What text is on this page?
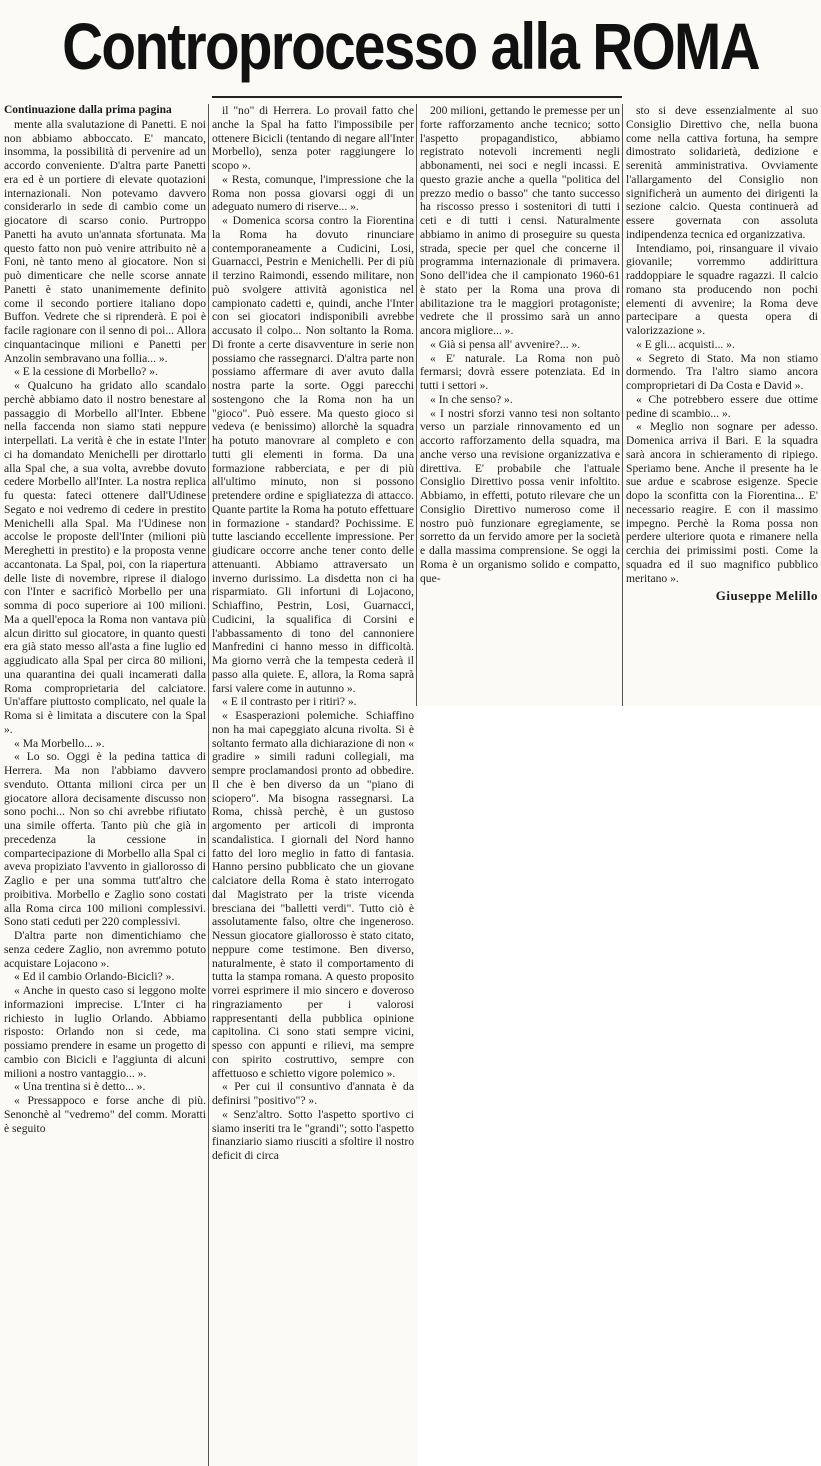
Controprocesso alla ROMA

Continuazione dalla prima pagina

mente alla svalutazione di Panetti. E noi non abbiamo abboccato. E' mancato, insomma, la possibilità di pervenire ad un accordo conveniente. D'altra parte Panetti era ed è un portiere di elevate quotazioni internazionali. Non potevamo davvero considerarlo in sede di cambio come un giocatore di scarso conio. Purtroppo Panetti ha avuto un'annata sfortunata. Ma questo fatto non può venire attribuito nè a Foni, nè tanto meno al giocatore. Non si può dimenticare che nelle scorse annate Panetti è stato unanimemente definito come il secondo portiere italiano dopo Buffon. Vedrete che si riprenderà. E poi è facile ragionare con il senno di poi... Allora cinquantacinque milioni e Panetti per Anzolin sembravano una follia... ».

« E la cessione di Morbello? ».

« Qualcuno ha gridato allo scandalo perchè abbiamo dato il nostro benestare al passaggio di Morbello all'Inter. Ebbene nella faccenda non siamo stati neppure interpellati. La verità è che in estate l'Inter ci ha domandato Menichelli per dirottarlo alla Spal che, a sua volta, avrebbe dovuto cedere Morbello all'Inter. La nostra replica fu questa: fateci ottenere dall'Udinese Segato e noi vedremo di cedere in prestito Menichelli alla Spal. Ma l'Udinese non accolse le proposte dell'Inter (milioni più Mereghetti in prestito) e la proposta venne accantonata. La Spal, poi, con la riapertura delle liste di novembre, riprese il dialogo con l'Inter e sacrificò Morbello per una somma di poco superiore ai 100 milioni. Ma a quell'epoca la Roma non vantava più alcun diritto sul giocatore, in quanto questi era già stato messo all'asta a fine luglio ed aggiudicato alla Spal per circa 80 milioni, una quarantina dei quali incamerati dalla Roma comproprietaria del calciatore. Un'affare piuttosto complicato, nel quale la Roma si è limitata a discutere con la Spal ».

« Ma Morbello... ».

« Lo so. Oggi è la pedina tattica di Herrera. Ma non l'abbiamo davvero svenduto. Ottanta milioni circa per un giocatore allora decisamente discusso non sono pochi... Non so chi avrebbe rifiutato una simile offerta. Tanto più che già in precedenza la cessione in compartecipazione di Morbello alla Spal ci aveva propiziato l'avvento in giallorosso di Zaglio e per una somma tutt'altro che proibitiva. Morbello e Zaglio sono costati alla Roma circa 100 milioni complessivi. Sono stati ceduti per 220 complessivi.

D'altra parte non dimentichiamo che senza cedere Zaglio, non avremmo potuto acquistare Lojacono ».

« Ed il cambio Orlando-Bicicli? ».

« Anche in questo caso si leggono molte informazioni imprecise. L'Inter ci ha richiesto in luglio Orlando. Abbiamo risposto: Orlando non si cede, ma possiamo prendere in esame un progetto di cambio con Bicicli e l'aggiunta di alcuni milioni a nostro vantaggio... ».

« Una trentina si è detto... ».

« Pressappoco e forse anche di più. Senonchè al "vedremo" del comm. Moratti è seguito

il "no" di Herrera. Lo provail fatto che anche la Spal ha fatto l'impossibile per ottenere Bicicli (tentando di negare all'Inter Morbello), senza poter raggiungere lo scopo ».

« Resta, comunque, l'impressione che la Roma non possa giovarsi oggi di un adeguato numero di riserve... ».

« Domenica scorsa contro la Fiorentina la Roma ha dovuto rinunciare contemporaneamente a Cudicini, Losi, Guarnacci, Pestrin e Menichelli. Per di più il terzino Raimondi, essendo militare, non può svolgere attività agonistica nel campionato cadetti e, quindi, anche l'Inter con sei giocatori indisponibili avrebbe accusato il colpo... Non soltanto la Roma. Di fronte a certe disavventure in serie non possiamo che rassegnarci. D'altra parte non possiamo affermare di aver avuto dalla nostra parte la sorte. Oggi parecchi sostengono che la Roma non ha un "gioco". Può essere. Ma questo gioco si vedeva (e benissimo) allorchè la squadra ha potuto manovrare al completo e con tutti gli elementi in forma. Da una formazione rabberciata, e per di più all'ultimo minuto, non si possono pretendere ordine e spigliatezza di attacco. Quante partite la Roma ha potuto effettuare in formazione - standard? Pochissime. E tutte lasciando eccellente impressione. Per giudicare occorre anche tener conto delle attenuanti. Abbiamo attraversato un inverno durissimo. La disdetta non ci ha risparmiato. Gli infortuni di Lojacono, Schiaffino, Pestrin, Losi, Guarnacci, Cudicini, la squalifica di Corsini e l'abbassamento di tono del cannoniere Manfredini ci hanno messo in difficoltà. Ma giorno verrà che la tempesta cederà il passo alla quiete. E, allora, la Roma saprà farsi valere come in autunno ».

« E il contrasto per i ritiri? ».

« Esasperazioni polemiche. Schiaffino non ha mai capeggiato alcuna rivolta. Si è soltanto fermato alla dichiarazione di non « gradire » simili raduni collegiali, ma sempre proclamandosi pronto ad obbedire. Il che è ben diverso da un "piano di sciopero". Ma bisogna rassegnarsi. La Roma, chissà perchè, è un gustoso argomento per articoli di impronta scandalistica. I giornali del Nord hanno fatto del loro meglio in fatto di fantasia. Hanno persino pubblicato che un giovane calciatore della Roma è stato interrogato dal Magistrato per la triste vicenda bresciana dei "balletti verdi". Tutto ciò è assolutamente falso, oltre che ingeneroso. Nessun giocatore giallorosso è stato citato, neppure come testimone. Ben diverso, naturalmente, è stato il comportamento di tutta la stampa romana. A questo proposito vorrei esprimere il mio sincero e doveroso ringraziamento per i valorosi rappresentanti della pubblica opinione capitolina. Ci sono stati sempre vicini, spesso con appunti e rilievi, ma sempre con spirito costruttivo, sempre con affettuoso e schietto vigore polemico ».

« Per cui il consuntivo d'annata è da definirsi "positivo"? ».

« Senz'altro. Sotto l'aspetto sportivo ci siamo inseriti tra le "grandi"; sotto l'aspetto finanziario siamo riusciti a sfoltire il nostro deficit di circa

200 milioni, gettando le premesse per un forte rafforzamento anche tecnico; sotto l'aspetto propagandistico, abbiamo registrato notevoli incrementi negli abbonamenti, nei soci e negli incassi. E questo grazie anche a quella "politica del prezzo medio o basso" che tanto successo ha riscosso presso i sostenitori di tutti i ceti e di tutti i censi. Naturalmente abbiamo in animo di proseguire su questa strada, specie per quel che concerne il programma internazionale di primavera. Sono dell'idea che il campionato 1960-61 è stato per la Roma una prova di abilitazione tra le maggiori protagoniste; vedrete che il prossimo sarà un anno ancora migliore... ».

« Già si pensa all' avvenire?... ».

« E' naturale. La Roma non può fermarsi; dovrà essere potenziata. Ed in tutti i settori ».

« In che senso? ».

« I nostri sforzi vanno tesi non soltanto verso un parziale rinnovamento ed un accorto rafforzamento della squadra, ma anche verso una revisione organizzativa e direttiva. E' probabile che l'attuale Consiglio Direttivo possa venir infoltito. Abbiamo, in effetti, potuto rilevare che un Consiglio Direttivo numeroso come il nostro può funzionare egregiamente, se sorretto da un fervido amore per la società e dalla massima comprensione. Se oggi la Roma è un organismo solido e compatto, que-

sto si deve essenzialmente al suo Consiglio Direttivo che, nella buona come nella cattiva fortuna, ha sempre dimostrato solidarietà, dedizione e serenità amministrativa. Ovviamente l'allargamento del Consiglio non significherà un aumento dei dirigenti la sezione calcio. Questa continuerà ad essere governata con assoluta indipendenza tecnica ed organizzativa.

Intendiamo, poi, rinsanguare il vivaio giovanile; vorremmo addirittura raddoppiare le squadre ragazzi. Il calcio romano sta producendo non pochi elementi di avvenire; la Roma deve partecipare a questa opera di valorizzazione ».

« E gli... acquisti... ».

« Segreto di Stato. Ma non stiamo dormendo. Tra l'altro siamo ancora comproprietari di Da Costa e David ».

« Che potrebbero essere due ottime pedine di scambio... ».

« Meglio non sognare per adesso. Domenica arriva il Bari. E la squadra sarà ancora in schieramento di ripiego. Speriamo bene. Anche il presente ha le sue ardue e scabrose esigenze. Specie dopo la sconfitta con la Fiorentina... E' necessario reagire. E con il massimo impegno. Perchè la Roma possa non perdere ulteriore quota e rimanere nella cerchia dei primissimi posti. Come la squadra ed il suo magnifico pubblico meritano ».

Giuseppe Melillo
